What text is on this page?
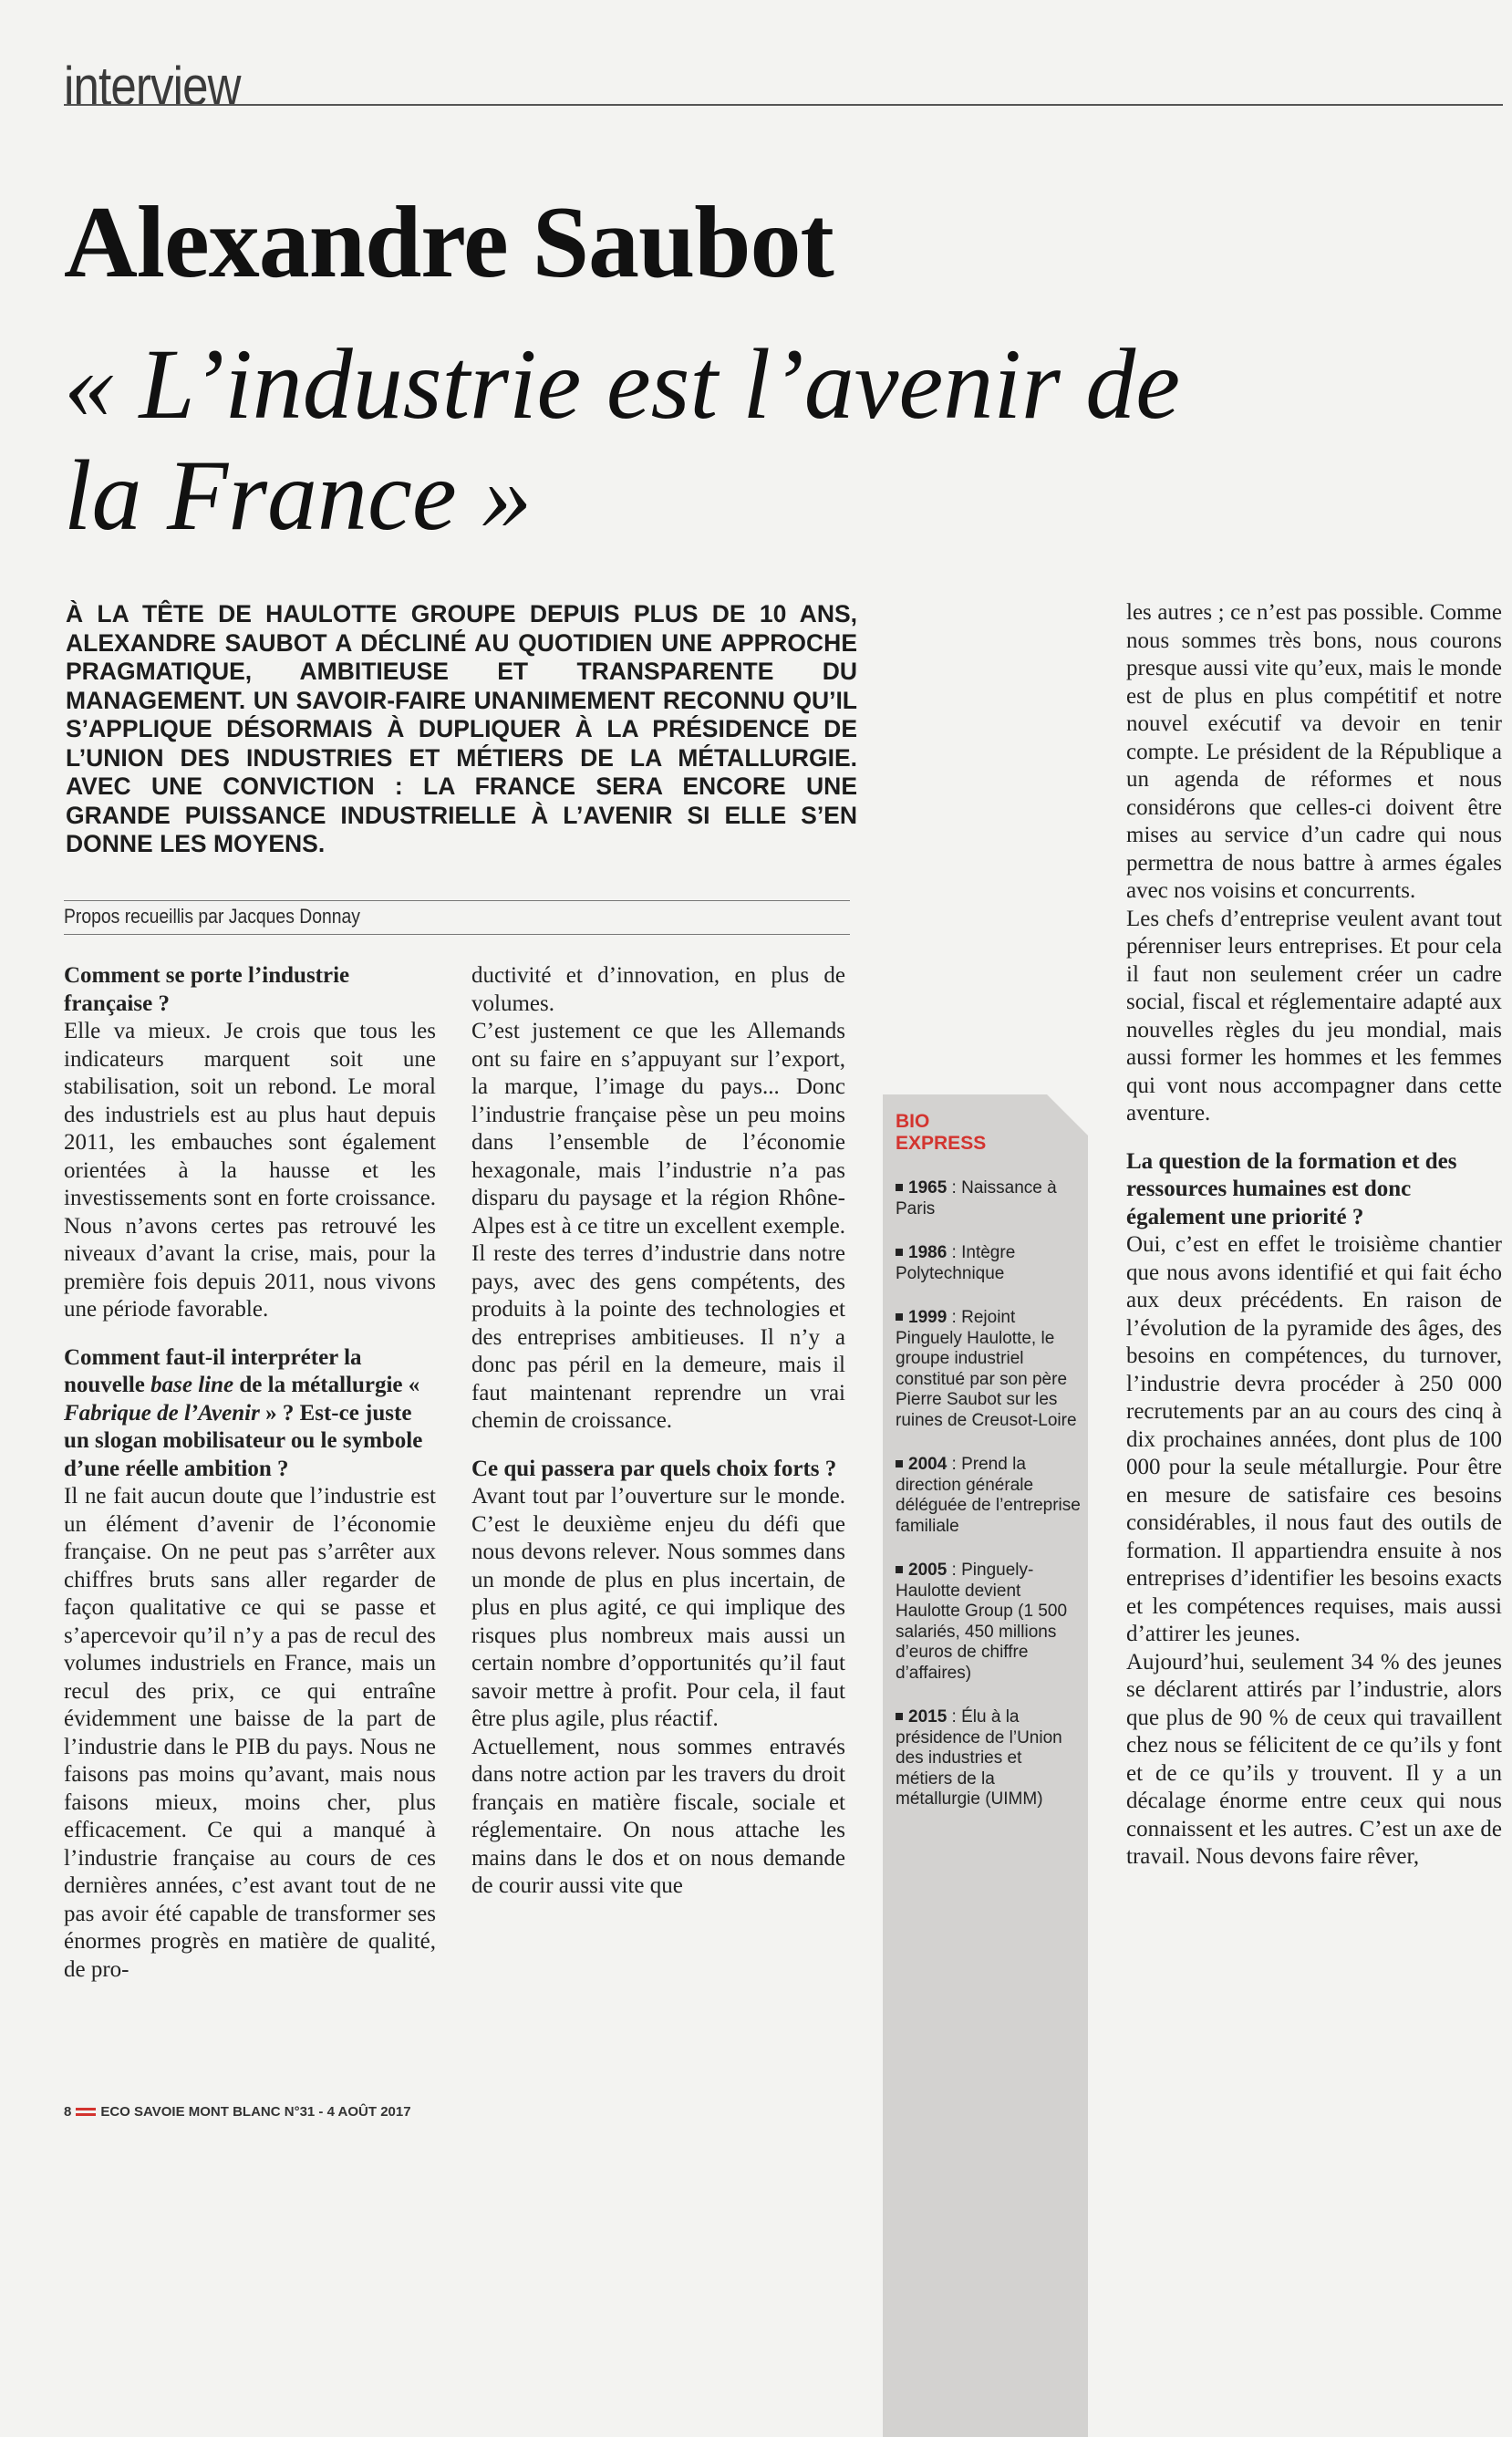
interview
Alexandre Saubot
« L’industrie est l’avenir de la France »
À LA TÊTE DE HAULOTTE GROUPE DEPUIS PLUS DE 10 ANS, ALEXANDRE SAUBOT A DÉCLINÉ AU QUOTIDIEN UNE APPROCHE PRAGMATIQUE, AMBITIEUSE ET TRANSPARENTE DU MANAGEMENT. UN SAVOIR-FAIRE UNANIMEMENT RECONNU QU’IL S’APPLIQUE DÉSORMAIS À DUPLIQUER À LA PRÉSIDENCE DE L’UNION DES INDUSTRIES ET MÉTIERS DE LA MÉTALLURGIE. AVEC UNE CONVICTION : LA FRANCE SERA ENCORE UNE GRANDE PUISSANCE INDUSTRIELLE À L’AVENIR SI ELLE S’EN DONNE LES MOYENS.
Propos recueillis par Jacques Donnay

Comment se porte l’industrie française ?

Elle va mieux. Je crois que tous les indicateurs marquent soit une stabilisation, soit un rebond. Le moral des industriels est au plus haut depuis 2011, les embauches sont également orientées à la hausse et les investissements sont en forte croissance. Nous n’avons certes pas retrouvé les niveaux d’avant la crise, mais, pour la première fois depuis 2011, nous vivons une période favorable.

Comment faut-il interpréter la nouvelle base line de la métallurgie « Fabrique de l’Avenir » ? Est-ce juste un slogan mobilisateur ou le symbole d’une réelle ambition ?

Il ne fait aucun doute que l’industrie est un élément d’avenir de l’économie française. On ne peut pas s’arrêter aux chiffres bruts sans aller regarder de façon qualitative ce qui se passe et s’apercevoir qu’il n’y a pas de recul des volumes industriels en France, mais un recul des prix, ce qui entraîne évidemment une baisse de la part de l’industrie dans le PIB du pays. Nous ne faisons pas moins qu’avant, mais nous faisons mieux, moins cher, plus efficacement. Ce qui a manqué à l’industrie française au cours de ces dernières années, c’est avant tout de ne pas avoir été capable de transformer ses énormes progrès en matière de qualité, de pro-

ductivité et d’innovation, en plus de volumes.

C’est justement ce que les Allemands ont su faire en s’appuyant sur l’export, la marque, l’image du pays... Donc l’industrie française pèse un peu moins dans l’ensemble de l’économie hexagonale, mais l’industrie n’a pas disparu du paysage et la région Rhône-Alpes est à ce titre un excellent exemple. Il reste des terres d’industrie dans notre pays, avec des gens compétents, des produits à la pointe des technologies et des entreprises ambitieuses. Il n’y a donc pas péril en la demeure, mais il faut maintenant reprendre un vrai chemin de croissance.

Ce qui passera par quels choix forts ?

Avant tout par l’ouverture sur le monde. C’est le deuxième enjeu du défi que nous devons relever. Nous sommes dans un monde de plus en plus incertain, de plus en plus agité, ce qui implique des risques plus nombreux mais aussi un certain nombre d’opportunités qu’il faut savoir mettre à profit. Pour cela, il faut être plus agile, plus réactif.

Actuellement, nous sommes entravés dans notre action par les travers du droit français en matière fiscale, sociale et réglementaire. On nous attache les mains dans le dos et on nous demande de courir aussi vite que

BIO
EXPRESS
1965 : Naissance à Paris
1986 : Intègre Polytechnique
1999 : Rejoint Pinguely Haulotte, le groupe industriel constitué par son père Pierre Saubot sur les ruines de Creusot-Loire
2004 : Prend la direction générale déléguée de l’entreprise familiale
2005 : Pinguely-Haulotte devient Haulotte Group (1 500 salariés, 450 millions d’euros de chiffre d’affaires)
2015 : Élu à la présidence de l’Union des industries et métiers de la métallurgie (UIMM)

les autres ; ce n’est pas possible. Comme nous sommes très bons, nous courons presque aussi vite qu’eux, mais le monde est de plus en plus compétitif et notre nouvel exécutif va devoir en tenir compte. Le président de la République a un agenda de réformes et nous considérons que celles-ci doivent être mises au service d’un cadre qui nous permettra de nous battre à armes égales avec nos voisins et concurrents.

Les chefs d’entreprise veulent avant tout pérenniser leurs entreprises. Et pour cela il faut non seulement créer un cadre social, fiscal et réglementaire adapté aux nouvelles règles du jeu mondial, mais aussi former les hommes et les femmes qui vont nous accompagner dans cette aventure.

La question de la formation et des ressources humaines est donc également une priorité ?

Oui, c’est en effet le troisième chantier que nous avons identifié et qui fait écho aux deux précédents. En raison de l’évolution de la pyramide des âges, des besoins en compétences, du turnover, l’industrie devra procéder à 250 000 recrutements par an au cours des cinq à dix prochaines années, dont plus de 100 000 pour la seule métallurgie. Pour être en mesure de satisfaire ces besoins considérables, il nous faut des outils de formation. Il appartiendra ensuite à nos entreprises d’identifier les besoins exacts et les compétences requises, mais aussi d’attirer les jeunes.

Aujourd’hui, seulement 34 % des jeunes se déclarent attirés par l’industrie, alors que plus de 90 % de ceux qui travaillent chez nous se félicitent de ce qu’ils y font et de ce qu’ils y trouvent. Il y a un décalage énorme entre ceux qui nous connaissent et les autres. C’est un axe de travail. Nous devons faire rêver,

8 ECO SAVOIE MONT BLANC N°31 - 4 AOÛT 2017
